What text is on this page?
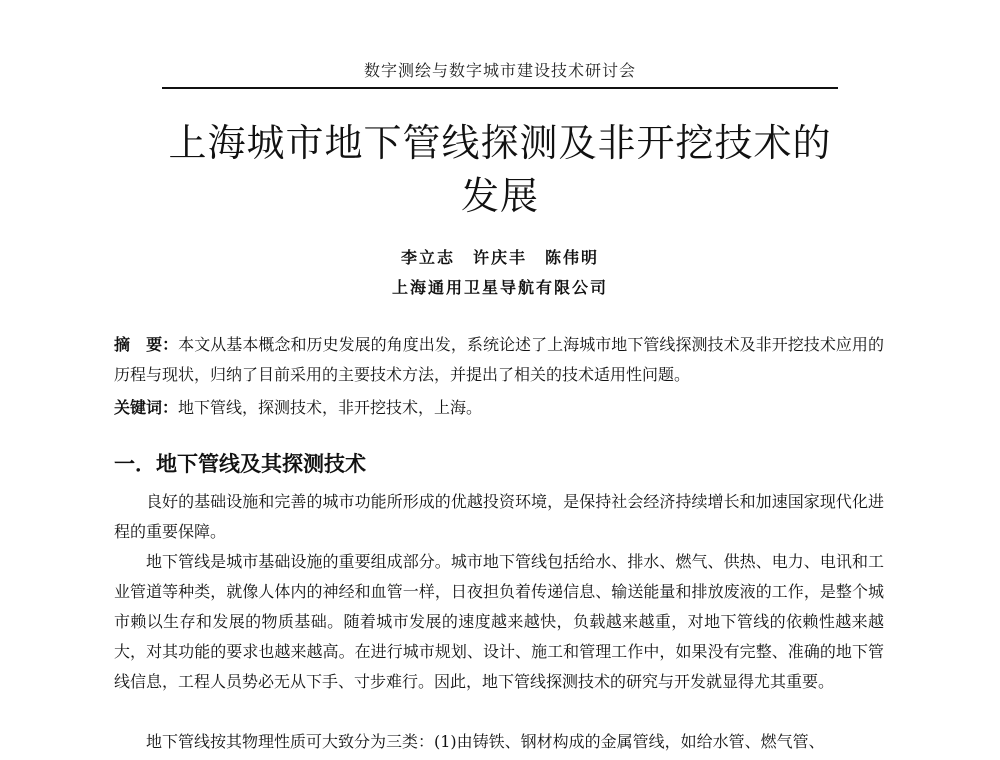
数字测绘与数字城市建设技术研讨会
上海城市地下管线探测及非开挖技术的
发展
李立志　许庆丰　陈伟明
上海通用卫星导航有限公司

摘　要：本文从基本概念和历史发展的角度出发，系统论述了上海城市地下管线探测技术及非开挖技术应用的历程与现状，归纳了目前采用的主要技术方法，并提出了相关的技术适用性问题。

关键词：地下管线，探测技术，非开挖技术，上海。

一．地下管线及其探测技术

良好的基础设施和完善的城市功能所形成的优越投资环境，是保持社会经济持续增长和加速国家现代化进程的重要保障。

地下管线是城市基础设施的重要组成部分。城市地下管线包括给水、排水、燃气、供热、电力、电讯和工业管道等种类，就像人体内的神经和血管一样，日夜担负着传递信息、输送能量和排放废液的工作，是整个城市赖以生存和发展的物质基础。随着城市发展的速度越来越快，负载越来越重，对地下管线的依赖性越来越大，对其功能的要求也越来越高。在进行城市规划、设计、施工和管理工作中，如果没有完整、准确的地下管线信息，工程人员势必无从下手、寸步难行。因此，地下管线探测技术的研究与开发就显得尤其重要。

地下管线按其物理性质可大致分为三类：(1)由铸铁、钢材构成的金属管线，如给水管、燃气管、
